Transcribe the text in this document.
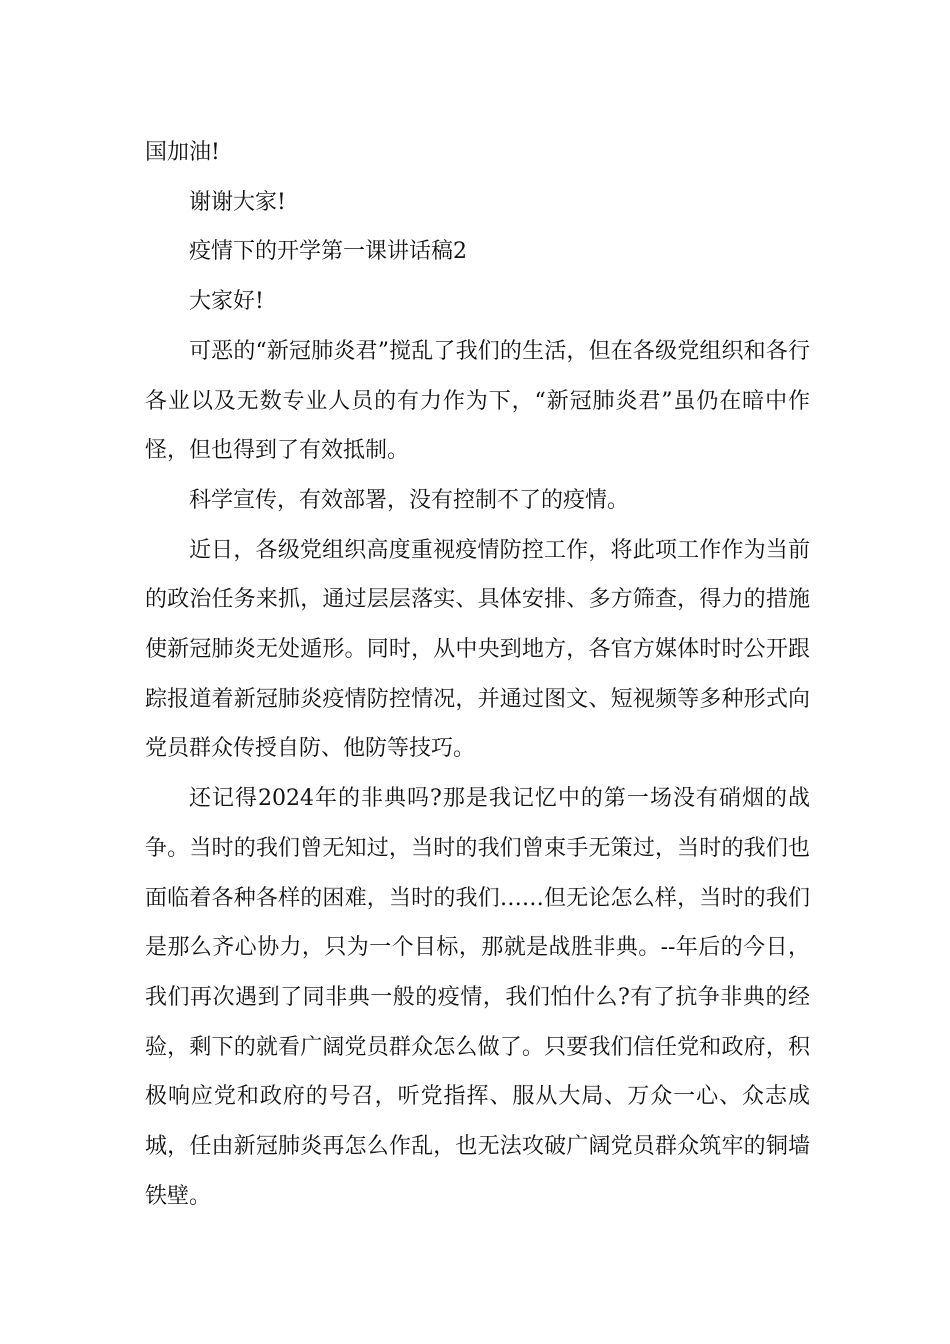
国加油!

谢谢大家!

疫情下的开学第一课讲话稿2

大家好!

可恶的“新冠肺炎君”搅乱了我们的生活，但在各级党组织和各行各业以及无数专业人员的有力作为下，“新冠肺炎君”虽仍在暗中作怪，但也得到了有效抵制。

科学宣传，有效部署，没有控制不了的疫情。

近日，各级党组织高度重视疫情防控工作，将此项工作作为当前的政治任务来抓，通过层层落实、具体安排、多方筛查，得力的措施使新冠肺炎无处遁形。同时，从中央到地方，各官方媒体时时公开跟踪报道着新冠肺炎疫情防控情况，并通过图文、短视频等多种形式向党员群众传授自防、他防等技巧。

还记得2024年的非典吗?那是我记忆中的第一场没有硝烟的战争。当时的我们曾无知过，当时的我们曾束手无策过，当时的我们也面临着各种各样的困难，当时的我们……但无论怎么样，当时的我们是那么齐心协力，只为一个目标，那就是战胜非典。--年后的今日，我们再次遇到了同非典一般的疫情，我们怕什么?有了抗争非典的经验，剩下的就看广阔党员群众怎么做了。只要我们信任党和政府，积极响应党和政府的号召，听党指挥、服从大局、万众一心、众志成城，任由新冠肺炎再怎么作乱，也无法攻破广阔党员群众筑牢的铜墙铁壁。
